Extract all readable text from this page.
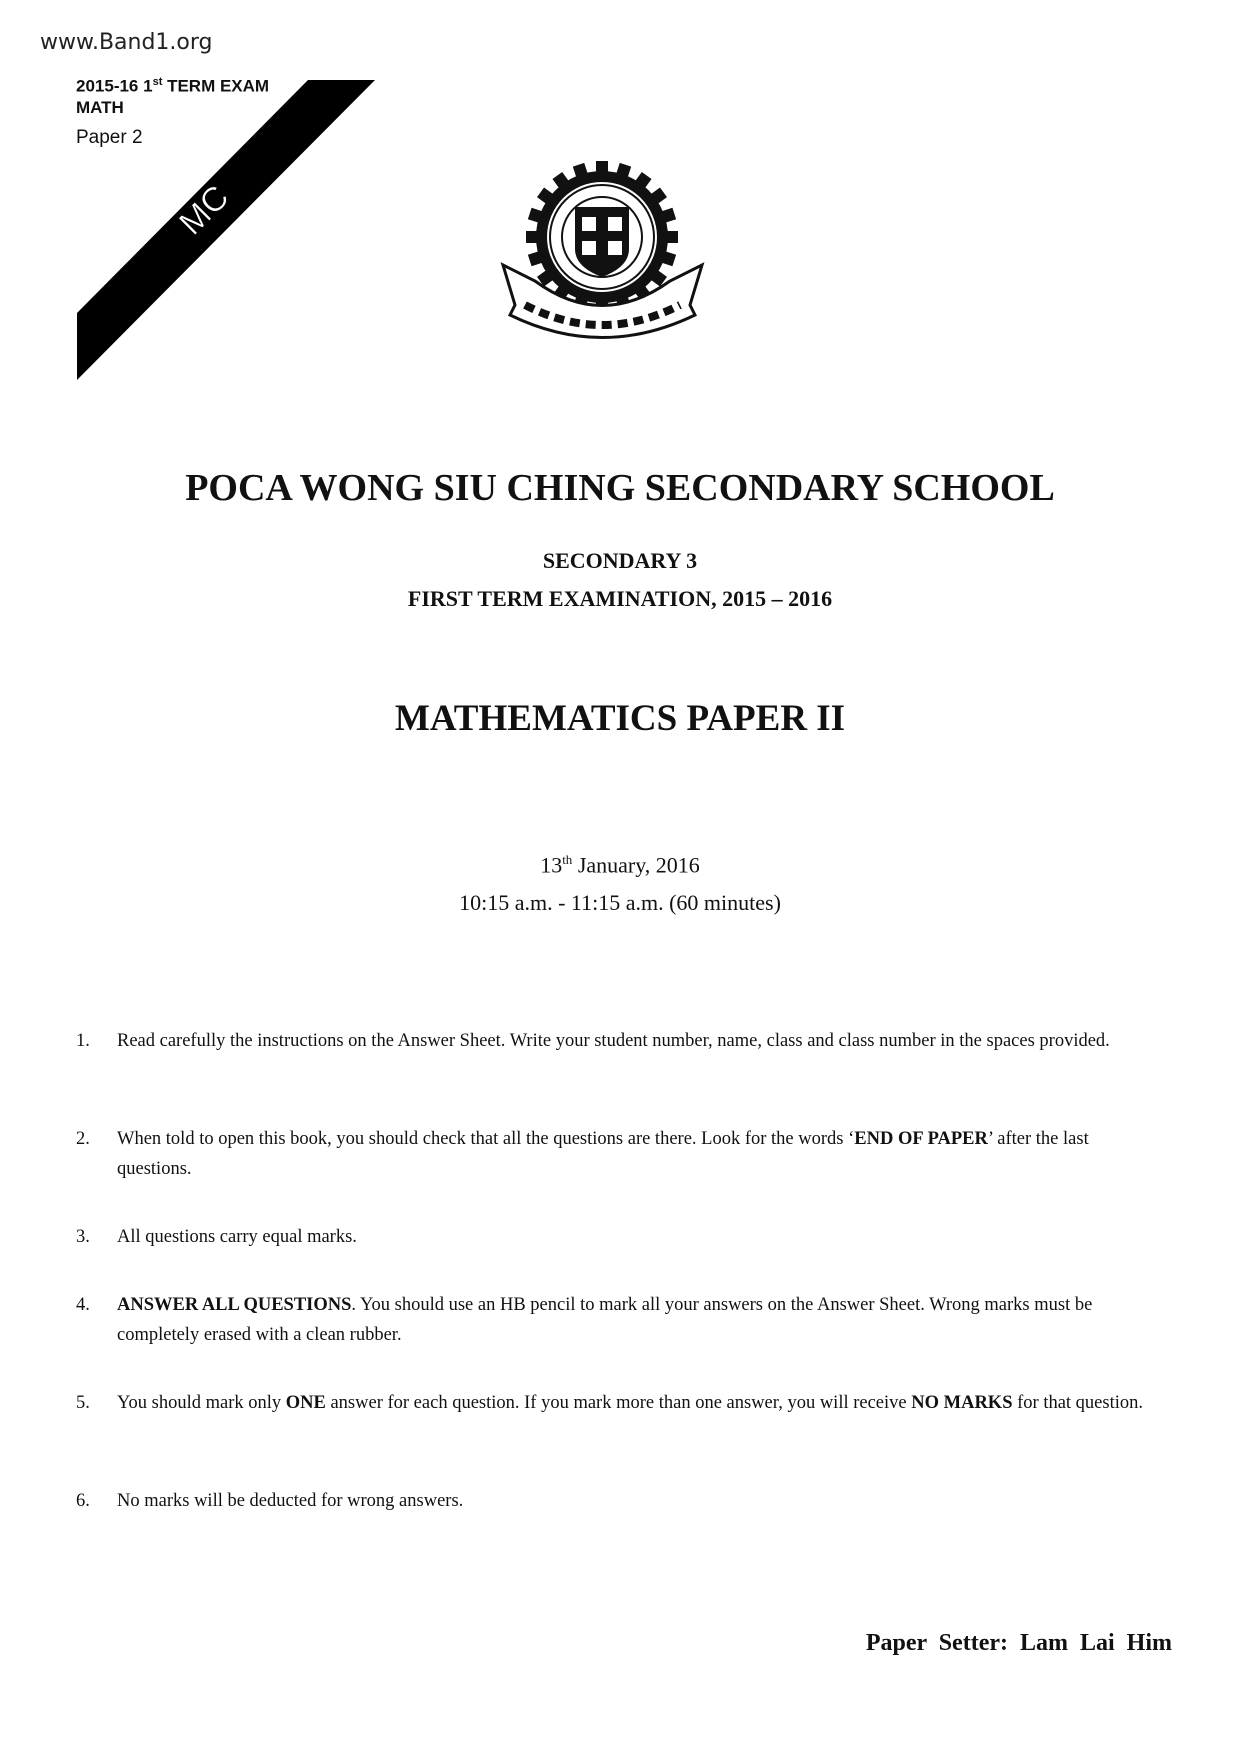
www.Band1.org
2015-16 1st TERM EXAM
MATH
Paper 2
MC
POCA WONG SIU CHING SECONDARY SCHOOL
SECONDARY 3
FIRST TERM EXAMINATION, 2015 – 2016
MATHEMATICS PAPER II
13th January, 2016
10:15 a.m. - 11:15 a.m. (60 minutes)
1. Read carefully the instructions on the Answer Sheet. Write your student number, name, class and class number in the spaces provided.
2. When told to open this book, you should check that all the questions are there. Look for the words ‘END OF PAPER’ after the last questions.
3. All questions carry equal marks.
4. ANSWER ALL QUESTIONS. You should use an HB pencil to mark all your answers on the Answer Sheet. Wrong marks must be completely erased with a clean rubber.
5. You should mark only ONE answer for each question. If you mark more than one answer, you will receive NO MARKS for that question.
6. No marks will be deducted for wrong answers.
Paper Setter: Lam Lai Him
